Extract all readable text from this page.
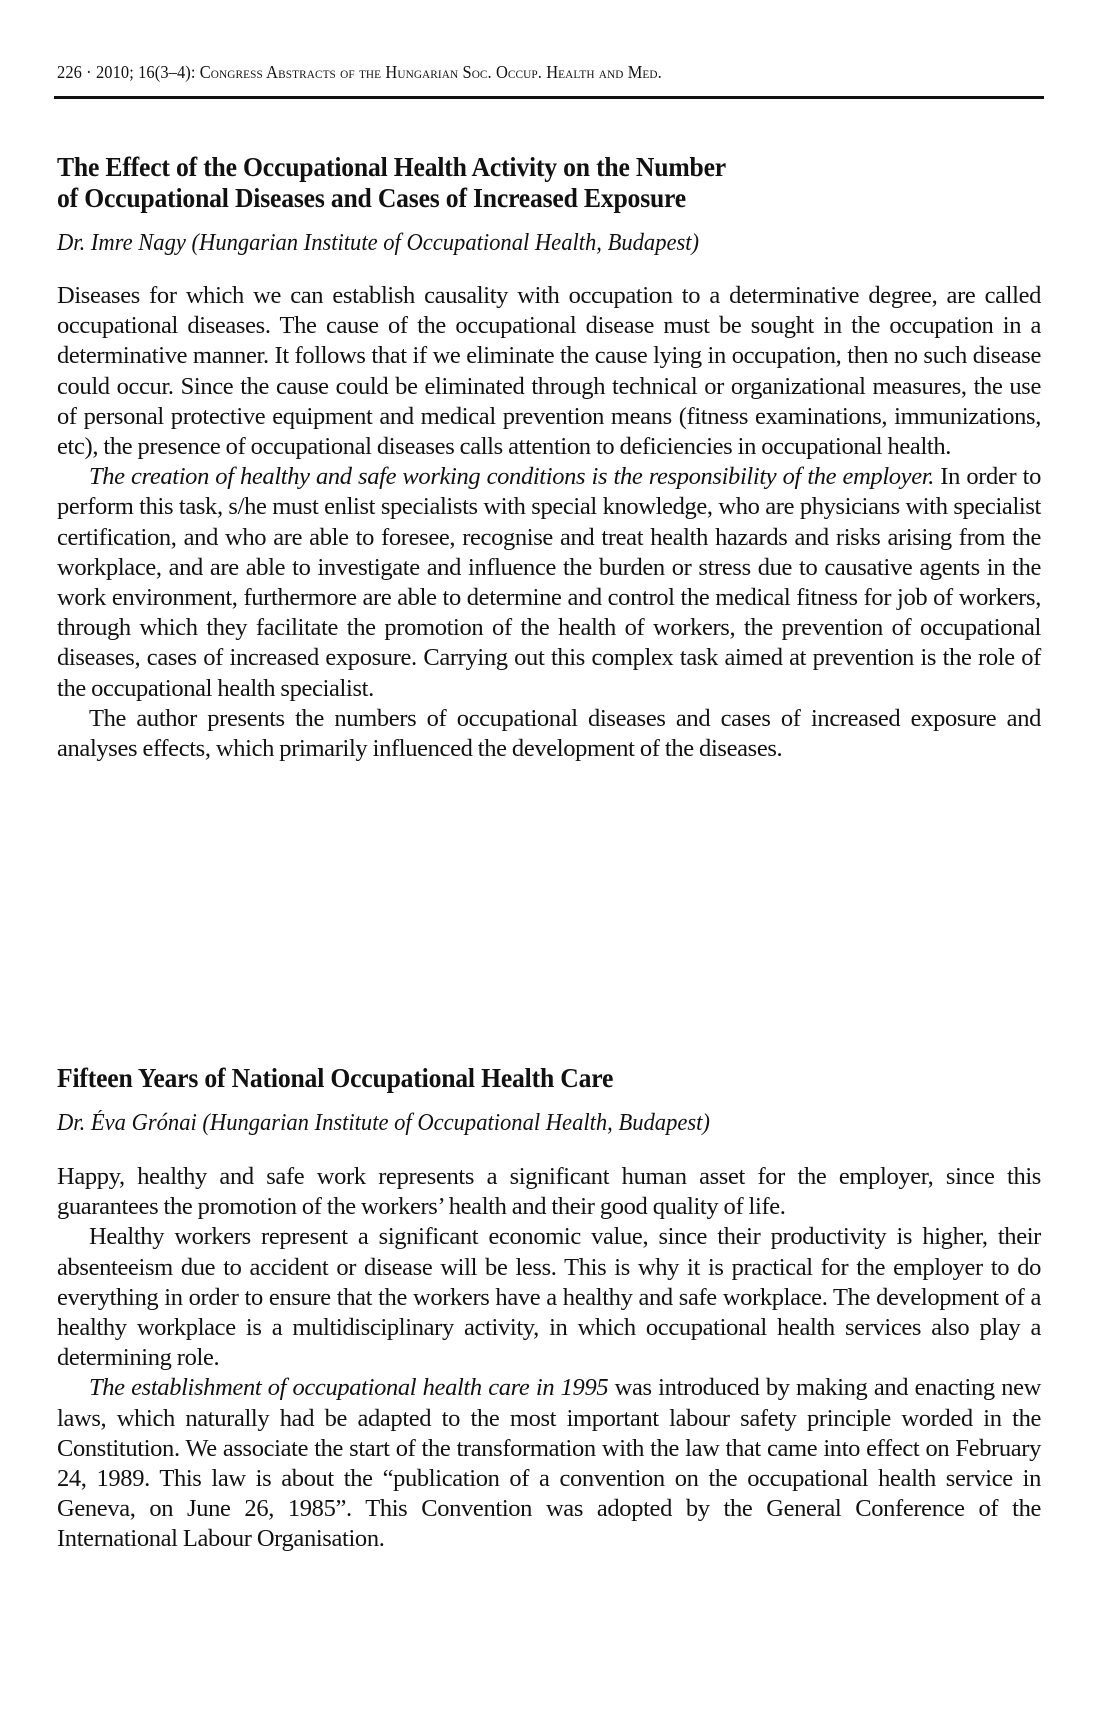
226 · 2010; 16(3–4): Congress Abstracts of the Hungarian Soc. Occup. Health and Med.
The Effect of the Occupational Health Activity on the Number
of Occupational Diseases and Cases of Increased Exposure
Dr. Imre Nagy (Hungarian Institute of Occupational Health, Budapest)

Diseases for which we can establish causality with occupation to a determinative degree, are called occupational diseases. The cause of the occupational disease must be sought in the occupation in a determinative manner. It follows that if we eliminate the cause lying in occupation, then no such disease could occur. Since the cause could be eliminated through technical or organizational measures, the use of personal protective equipment and medical prevention means (fitness examinations, immunizations, etc), the presence of occupational diseases calls attention to deficiencies in occupational health.

The creation of healthy and safe working conditions is the responsibility of the employer. In order to perform this task, s/he must enlist specialists with special knowledge, who are physicians with specialist certification, and who are able to foresee, recognise and treat health hazards and risks arising from the workplace, and are able to investigate and influence the burden or stress due to causative agents in the work environment, furthermore are able to determine and control the medical fitness for job of workers, through which they facilitate the promotion of the health of workers, the prevention of occupational diseases, cases of increased exposure. Carrying out this complex task aimed at prevention is the role of the occupational health specialist.

The author presents the numbers of occupational diseases and cases of increased exposure and analyses effects, which primarily influenced the development of the diseases.

Fifteen Years of National Occupational Health Care
Dr. Éva Grónai (Hungarian Institute of Occupational Health, Budapest)

Happy, healthy and safe work represents a significant human asset for the employer, since this guarantees the promotion of the workers’ health and their good quality of life.

Healthy workers represent a significant economic value, since their productivity is higher, their absenteeism due to accident or disease will be less. This is why it is practical for the employer to do everything in order to ensure that the workers have a healthy and safe workplace. The development of a healthy workplace is a multidisciplinary activity, in which occupational health services also play a determining role.

The establishment of occupational health care in 1995 was introduced by making and enacting new laws, which naturally had be adapted to the most important labour safety principle worded in the Constitution. We associate the start of the transformation with the law that came into effect on February 24, 1989. This law is about the “publication of a convention on the occupational health service in Geneva, on June 26, 1985”. This Convention was adopted by the General Conference of the International Labour Organisation.
